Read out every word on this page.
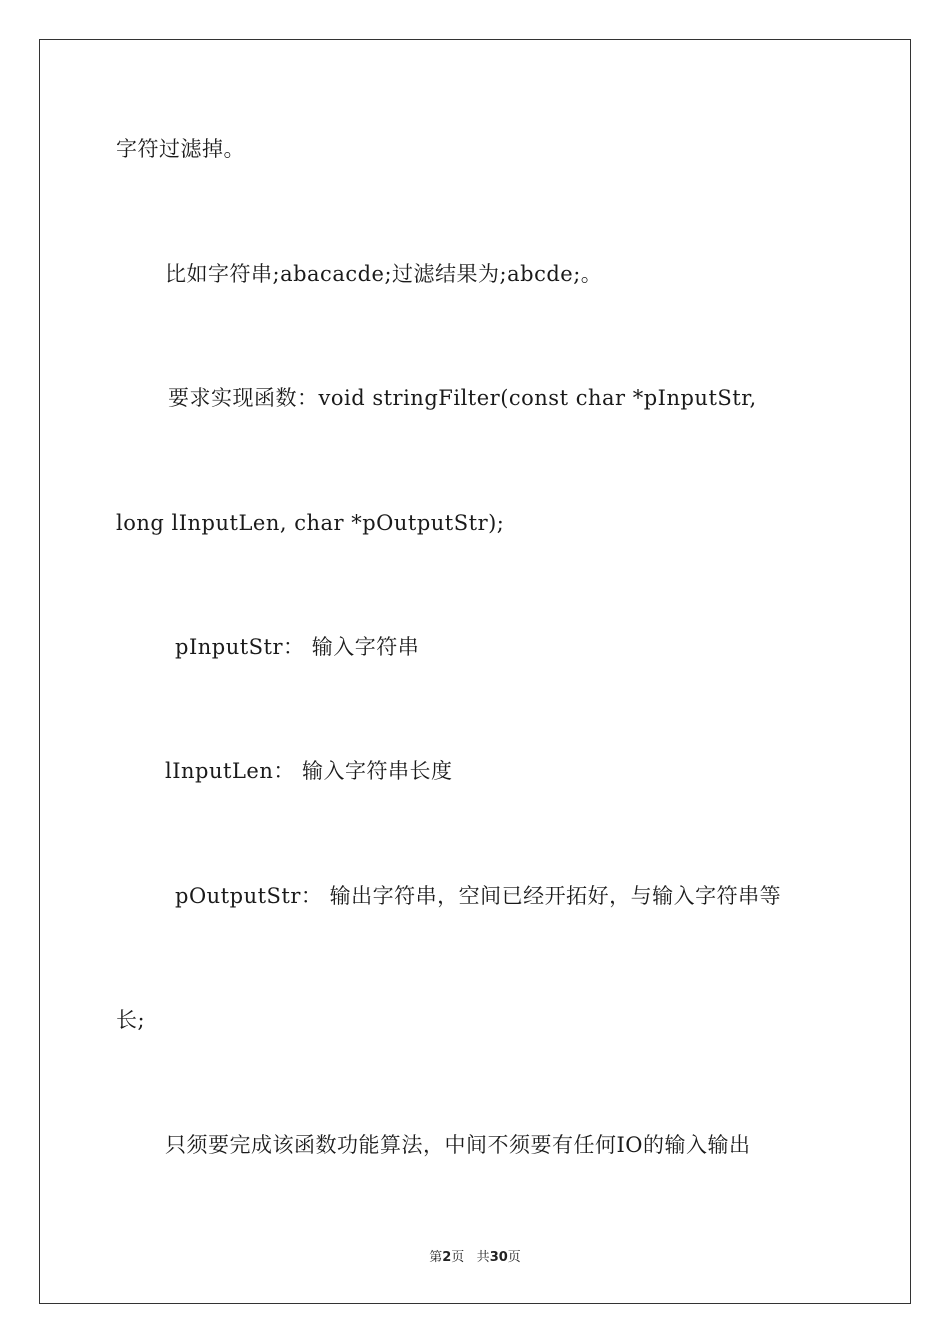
字符过滤掉。
比如字符串;abacacde;过滤结果为;abcde;。
要求实现函数：void stringFilter(const char *pInputStr,
long lInputLen, char *pOutputStr);
pInputStr： 输入字符串
lInputLen： 输入字符串长度
pOutputStr： 输出字符串，空间已经开拓好，与输入字符串等
长;
只须要完成该函数功能算法，中间不须要有任何IO的输入输出
第2页 共30页
